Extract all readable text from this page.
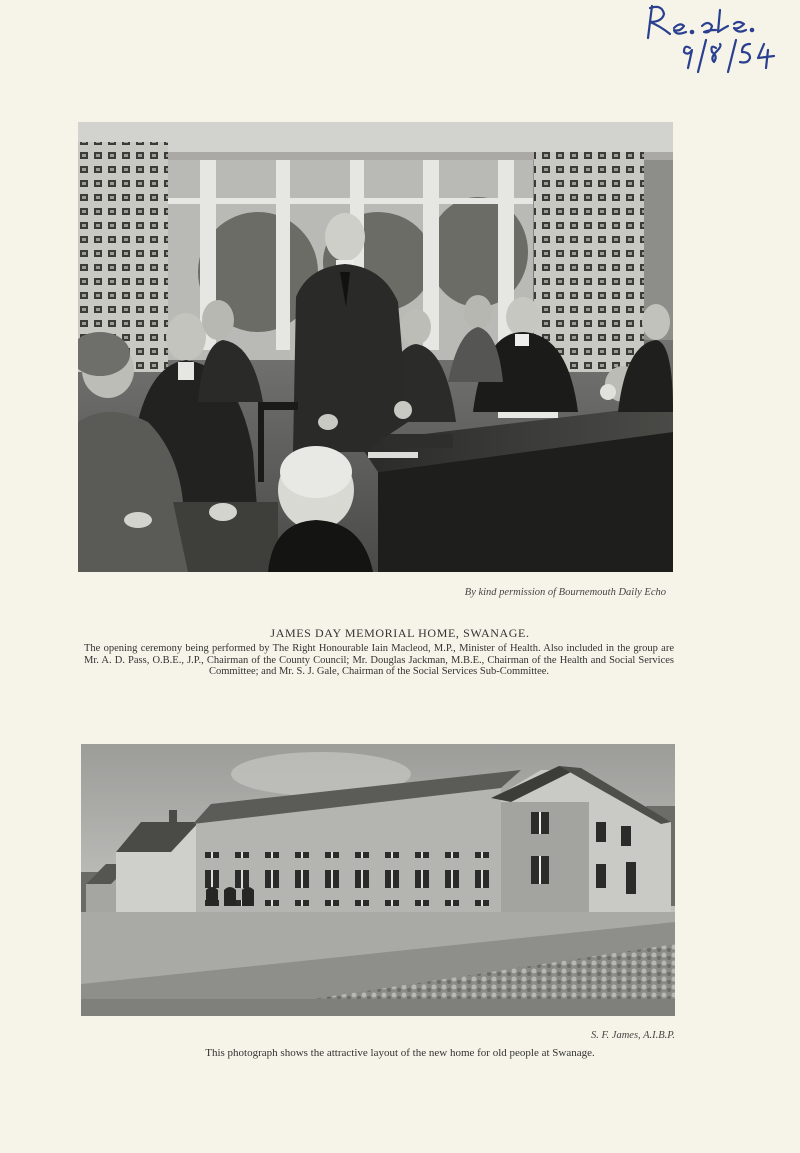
By kind permission of Bournemouth Daily Echo
JAMES DAY MEMORIAL HOME, SWANAGE.
The opening ceremony being performed by The Right Honourable Iain Macleod, M.P., Minister of Health. Also included in the group are Mr. A. D. Pass, O.B.E., J.P., Chairman of the County Council; Mr. Douglas Jackman, M.B.E., Chairman of the Health and Social Services Committee; and Mr. S. J. Gale, Chairman of the Social Services Sub-Committee.
S. F. James, A.I.B.P.
This photograph shows the attractive layout of the new home for old people at Swanage.
